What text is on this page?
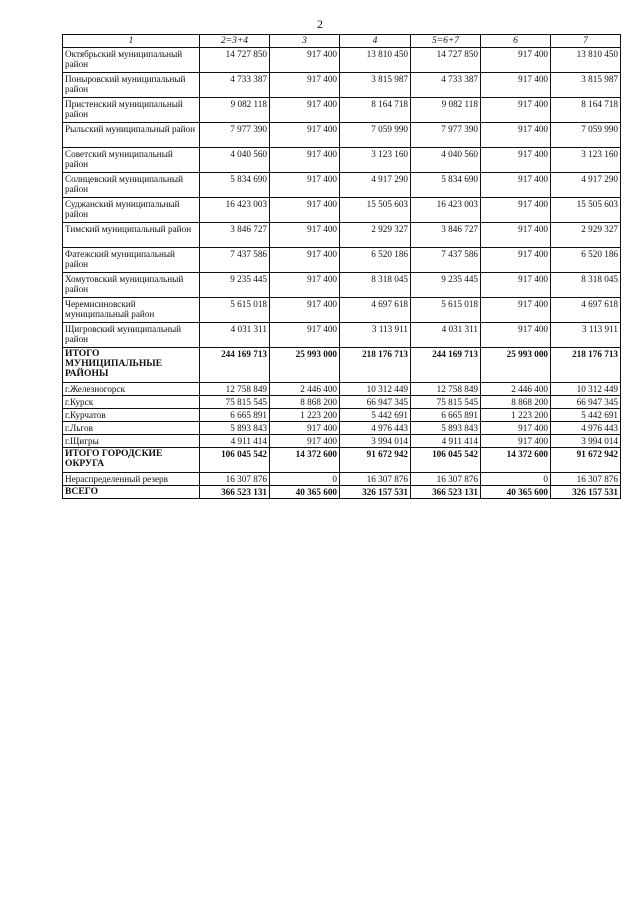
2
1	2=3+4	3	4	5=6+7	6	7
Октябрьский муниципальный район	14 727 850	917 400	13 810 450	14 727 850	917 400	13 810 450
Поныровский муниципальный район	4 733 387	917 400	3 815 987	4 733 387	917 400	3 815 987
Пристенский муниципальный район	9 082 118	917 400	8 164 718	9 082 118	917 400	8 164 718
Рыльский муниципальный район	7 977 390	917 400	7 059 990	7 977 390	917 400	7 059 990
Советский муниципальный район	4 040 560	917 400	3 123 160	4 040 560	917 400	3 123 160
Солнцевский муниципальный район	5 834 690	917 400	4 917 290	5 834 690	917 400	4 917 290
Суджанский муниципальный район	16 423 003	917 400	15 505 603	16 423 003	917 400	15 505 603
Тимский муниципальный район	3 846 727	917 400	2 929 327	3 846 727	917 400	2 929 327
Фатежский муниципальный район	7 437 586	917 400	6 520 186	7 437 586	917 400	6 520 186
Хомутовский муниципальный район	9 235 445	917 400	8 318 045	9 235 445	917 400	8 318 045
Черемисиновский муниципальный район	5 615 018	917 400	4 697 618	5 615 018	917 400	4 697 618
Щигровский муниципальный район	4 031 311	917 400	3 113 911	4 031 311	917 400	3 113 911
ИТОГО МУНИЦИПАЛЬНЫЕ РАЙОНЫ	244 169 713	25 993 000	218 176 713	244 169 713	25 993 000	218 176 713
г.Железногорск	12 758 849	2 446 400	10 312 449	12 758 849	2 446 400	10 312 449
г.Курск	75 815 545	8 868 200	66 947 345	75 815 545	8 868 200	66 947 345
г.Курчатов	6 665 891	1 223 200	5 442 691	6 665 891	1 223 200	5 442 691
г.Льгов	5 893 843	917 400	4 976 443	5 893 843	917 400	4 976 443
г.Щигры	4 911 414	917 400	3 994 014	4 911 414	917 400	3 994 014
ИТОГО ГОРОДСКИЕ ОКРУГА	106 045 542	14 372 600	91 672 942	106 045 542	14 372 600	91 672 942
Нераспределенный резерв	16 307 876	0	16 307 876	16 307 876	0	16 307 876
ВСЕГО	366 523 131	40 365 600	326 157 531	366 523 131	40 365 600	326 157 531
